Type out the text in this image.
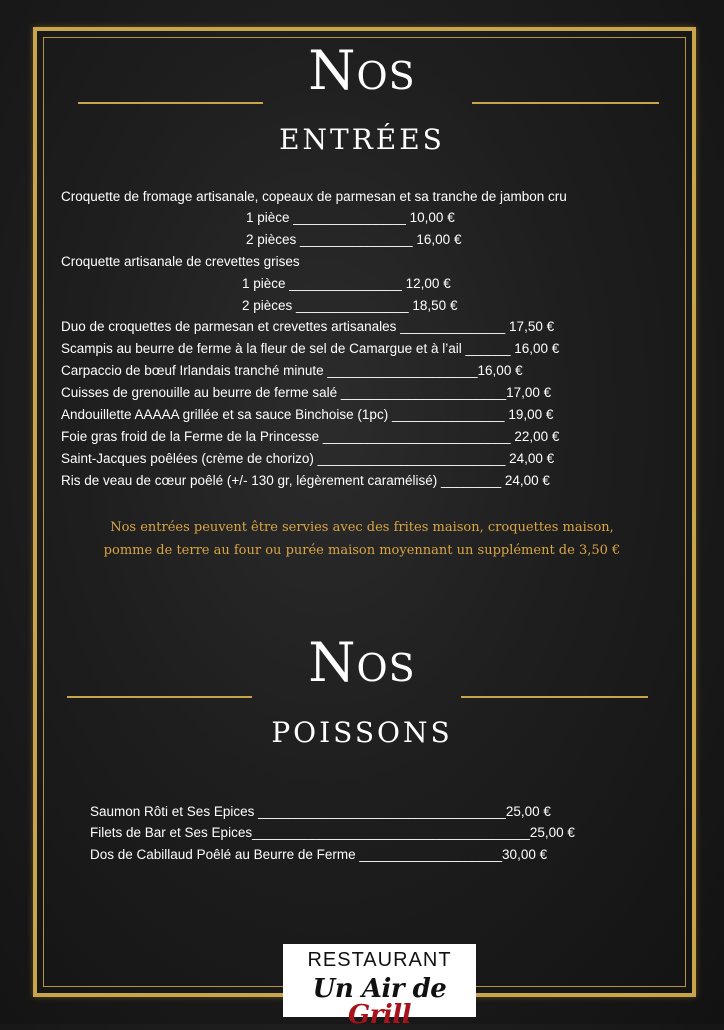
Nos
entrées
Croquette de fromage artisanale, copeaux de parmesan et sa tranche de jambon cru
1 pièce _______________ 10,00 €
2 pièces _______________ 16,00 €
Croquette artisanale de crevettes grises
1 pièce _______________ 12,00 €
2 pièces _______________ 18,50 €
Duo de croquettes de parmesan et crevettes artisanales ______________ 17,50 €
Scampis au beurre de ferme à la fleur de sel de Camargue et à l’ail ______ 16,00 €
Carpaccio de bœuf Irlandais tranché minute ____________________16,00 €
Cuisses de grenouille au beurre de ferme salé ______________________17,00 €
Andouillette AAAAA grillée et sa sauce Binchoise (1pc) _______________ 19,00 €
Foie gras froid de la Ferme de la Princesse _________________________ 22,00 €
Saint-Jacques poêlées (crème de chorizo) _________________________ 24,00 €
Ris de veau de cœur poêlé (+/- 130 gr, légèrement caramélisé) ________ 24,00 €
Nos entrées peuvent être servies avec des frites maison, croquettes maison,
pomme de terre au four ou purée maison moyennant un supplément de 3,50 €
Nos
poissons
Saumon Rôti et Ses Epices _________________________________25,00 €
Filets de Bar et Ses Epices_____________________________________25,00 €
Dos de Cabillaud Poêlé au Beurre de Ferme ___________________30,00 €
RESTAURANT
Un Air de Grill
